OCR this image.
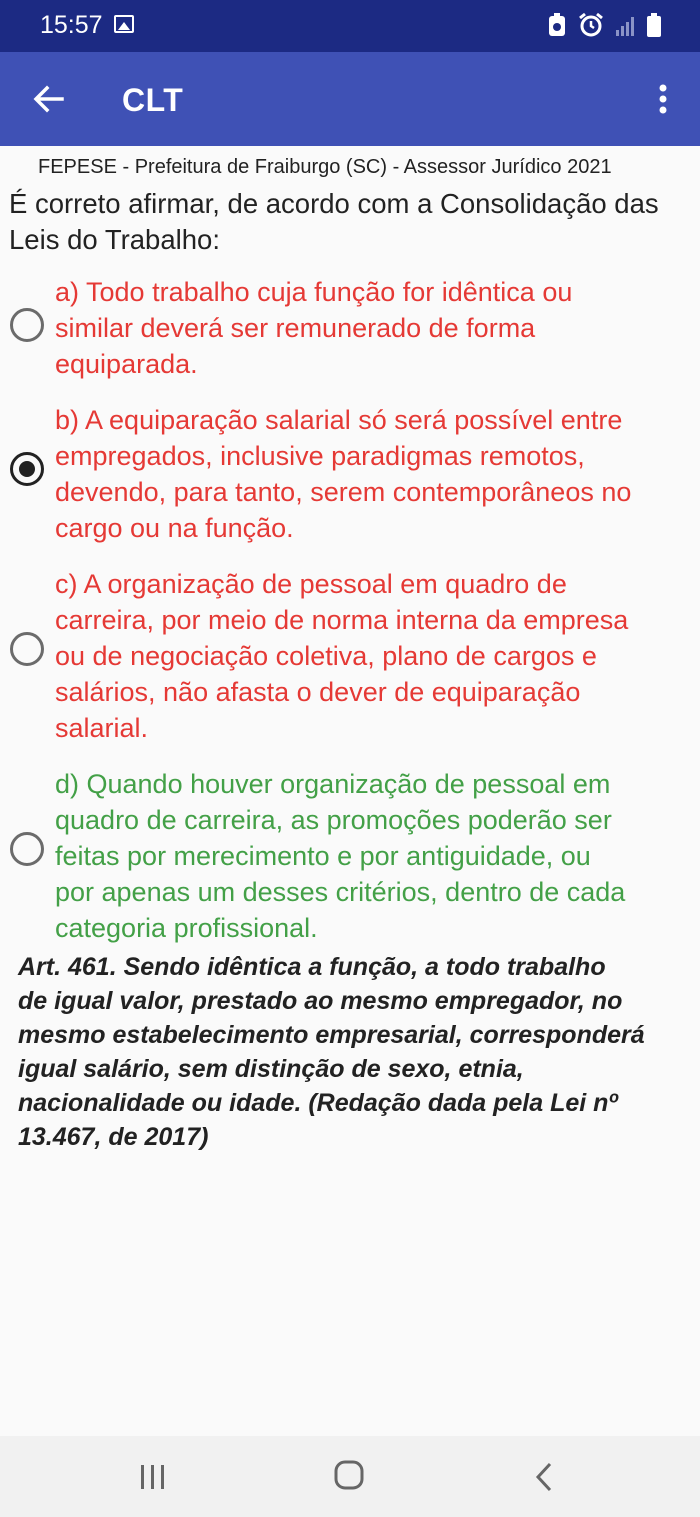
15:57
CLT
FEPESE - Prefeitura de Fraiburgo (SC) - Assessor Jurídico 2021
É correto afirmar, de acordo com a Consolidação das Leis do Trabalho:
a) Todo trabalho cuja função for idêntica ou
similar deverá ser remunerado de forma
equiparada.
b) A equiparação salarial só será possível entre
empregados, inclusive paradigmas remotos,
devendo, para tanto, serem contemporâneos no
cargo ou na função.
c) A organização de pessoal em quadro de
carreira, por meio de norma interna da empresa
ou de negociação coletiva, plano de cargos e
salários, não afasta o dever de equiparação
salarial.
d) Quando houver organização de pessoal em
quadro de carreira, as promoções poderão ser
feitas por merecimento e por antiguidade, ou
por apenas um desses critérios, dentro de cada
categoria profissional.
Art. 461. Sendo idêntica a função, a todo trabalho
de igual valor, prestado ao mesmo empregador, no
mesmo estabelecimento empresarial, corresponderá
igual salário, sem distinção de sexo, etnia,
nacionalidade ou idade. (Redação dada pela Lei nº
13.467, de 2017)
